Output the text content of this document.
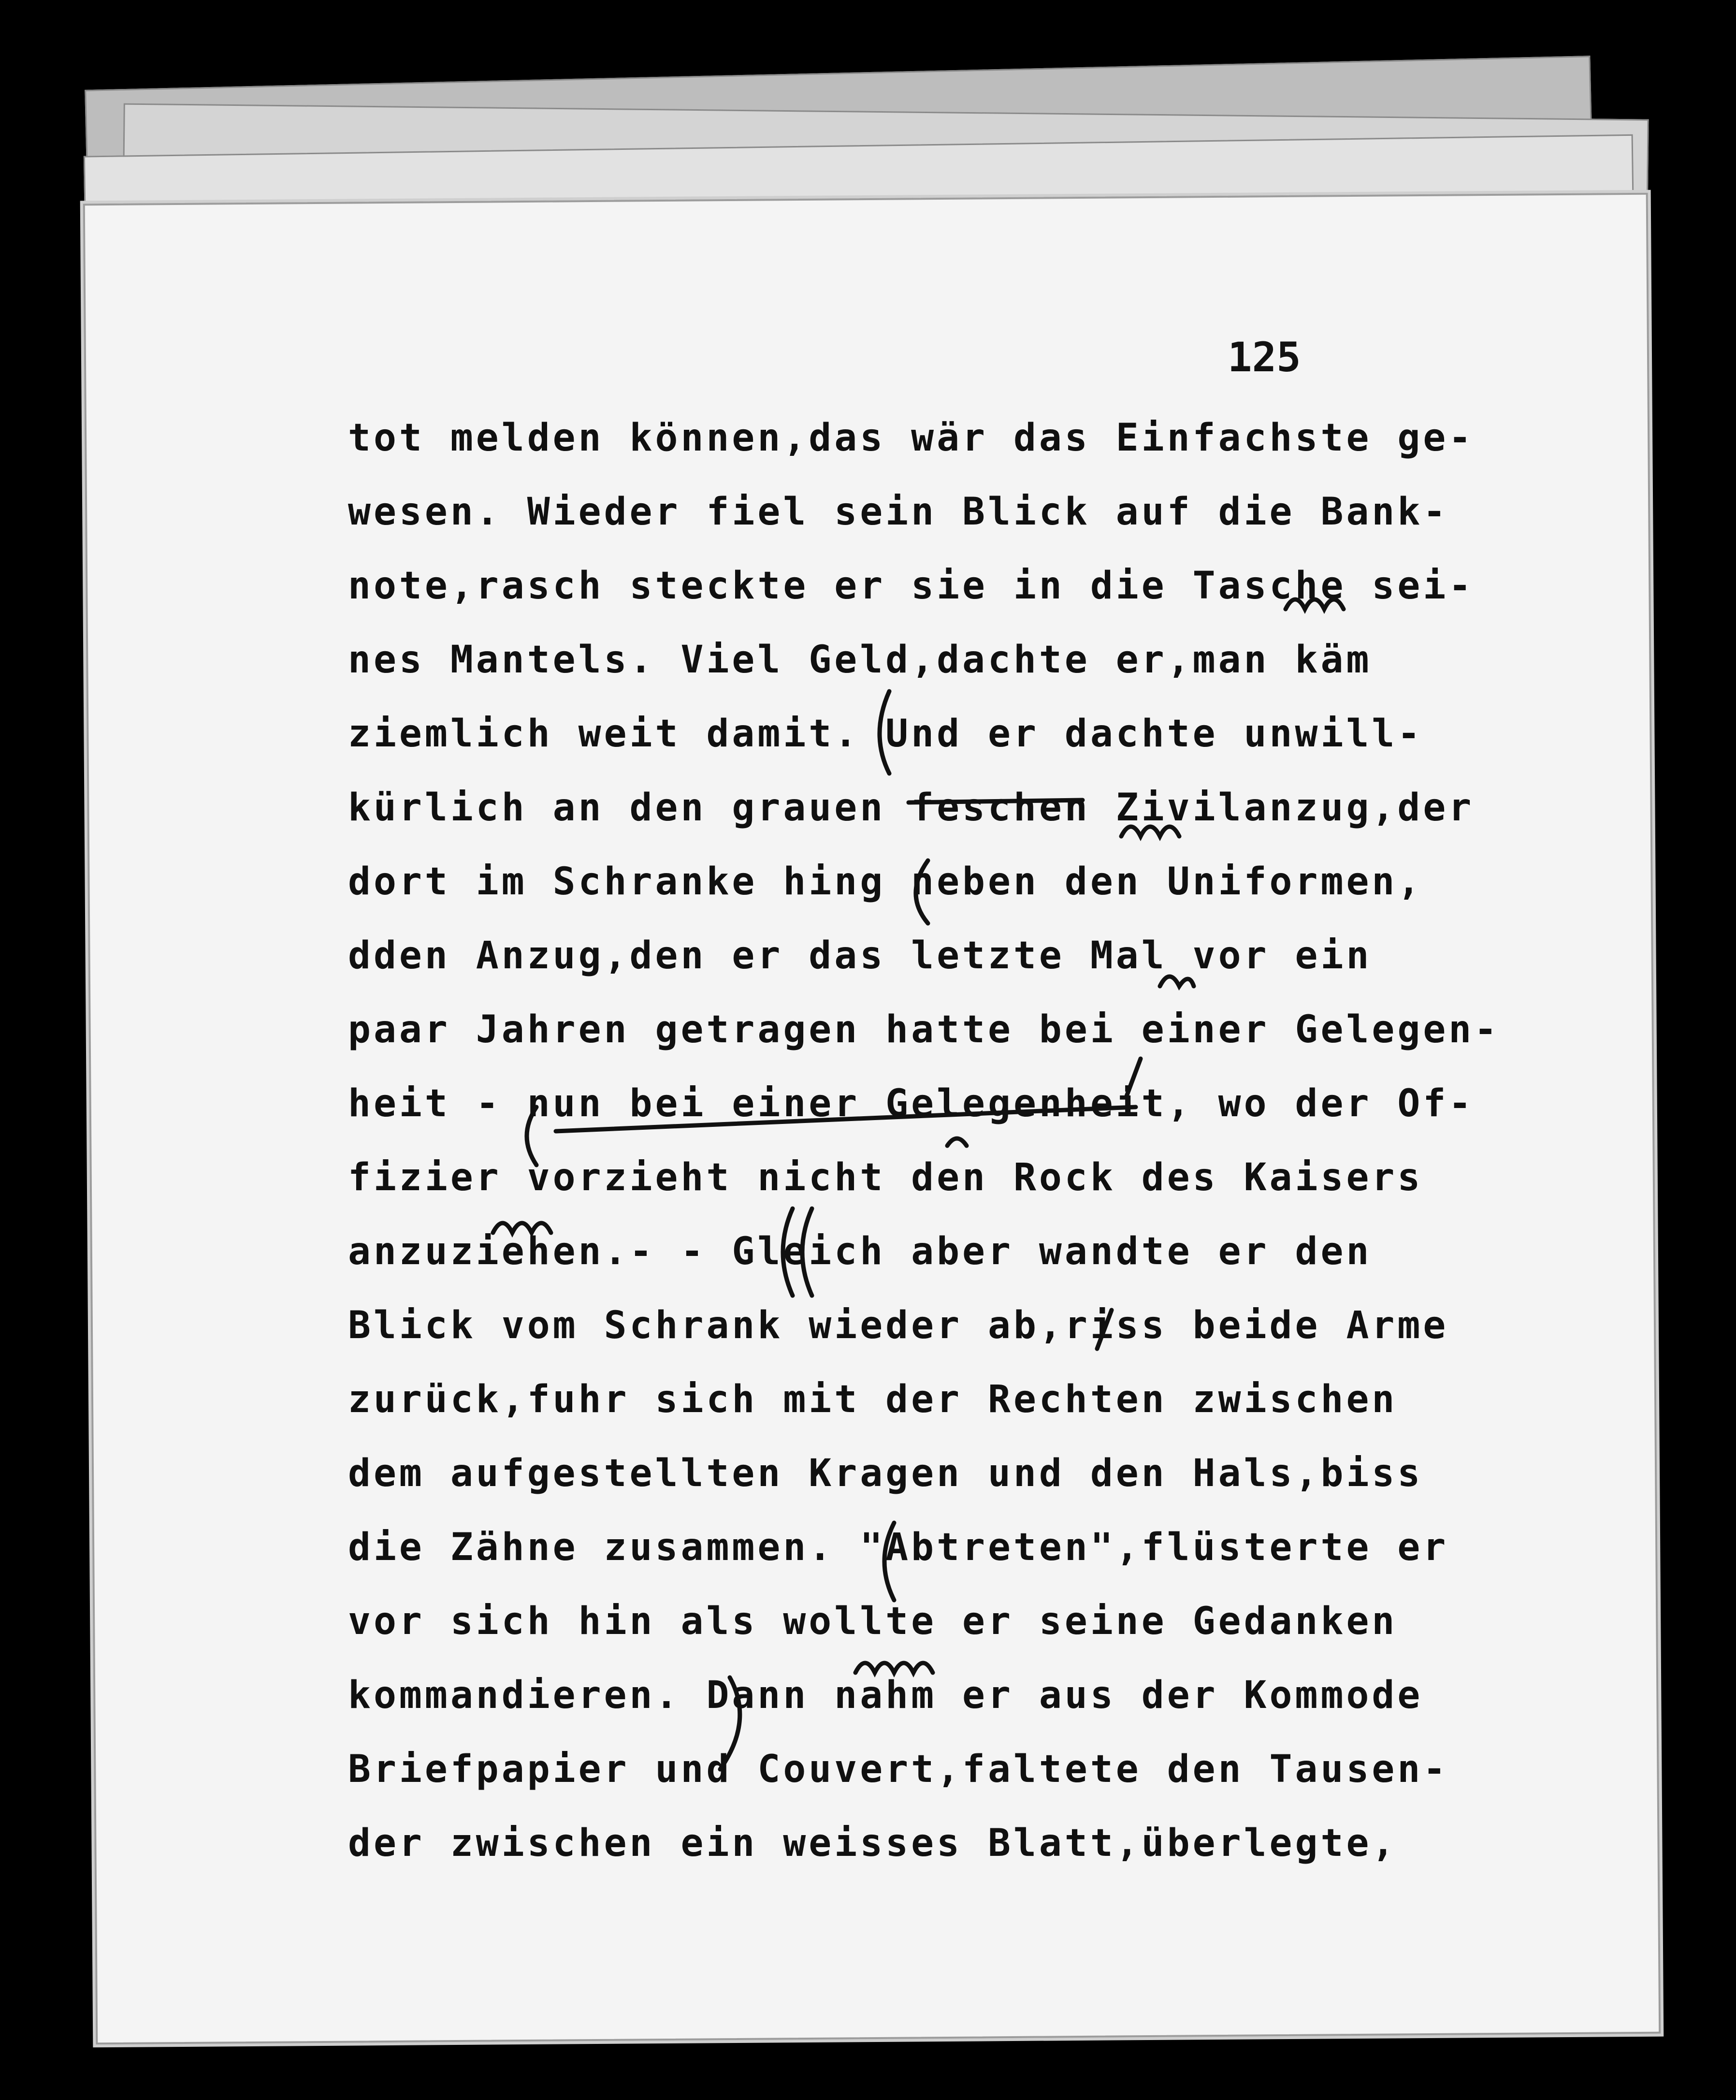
125
tot melden können,das wär das Einfachste ge-
wesen. Wieder fiel sein Blick auf die Bank-
note,rasch steckte er sie in die Tasche sei-
nes Mantels. Viel Geld,dachte er,man käm
ziemlich weit damit. Und er dachte unwill-
kürlich an den grauen feschen Zivilanzug,der
dort im Schranke hing neben den Uniformen,
dden Anzug,den er das letzte Mal vor ein
paar Jahren getragen hatte bei einer Gelegen-
heit - nun bei einer Gelegenheit, wo der Of-
fizier vorzieht nicht den Rock des Kaisers
anzuziehen.- - Gleich aber wandte er den
Blick vom Schrank wieder ab,riss beide Arme
zurück,fuhr sich mit der Rechten zwischen
dem aufgestellten Kragen und den Hals,biss
die Zähne zusammen. "Abtreten",flüsterte er
vor sich hin als wollte er seine Gedanken
kommandieren. Dann nahm er aus der Kommode
Briefpapier und Couvert,faltete den Tausen-
der zwischen ein weisses Blatt,überlegte,
